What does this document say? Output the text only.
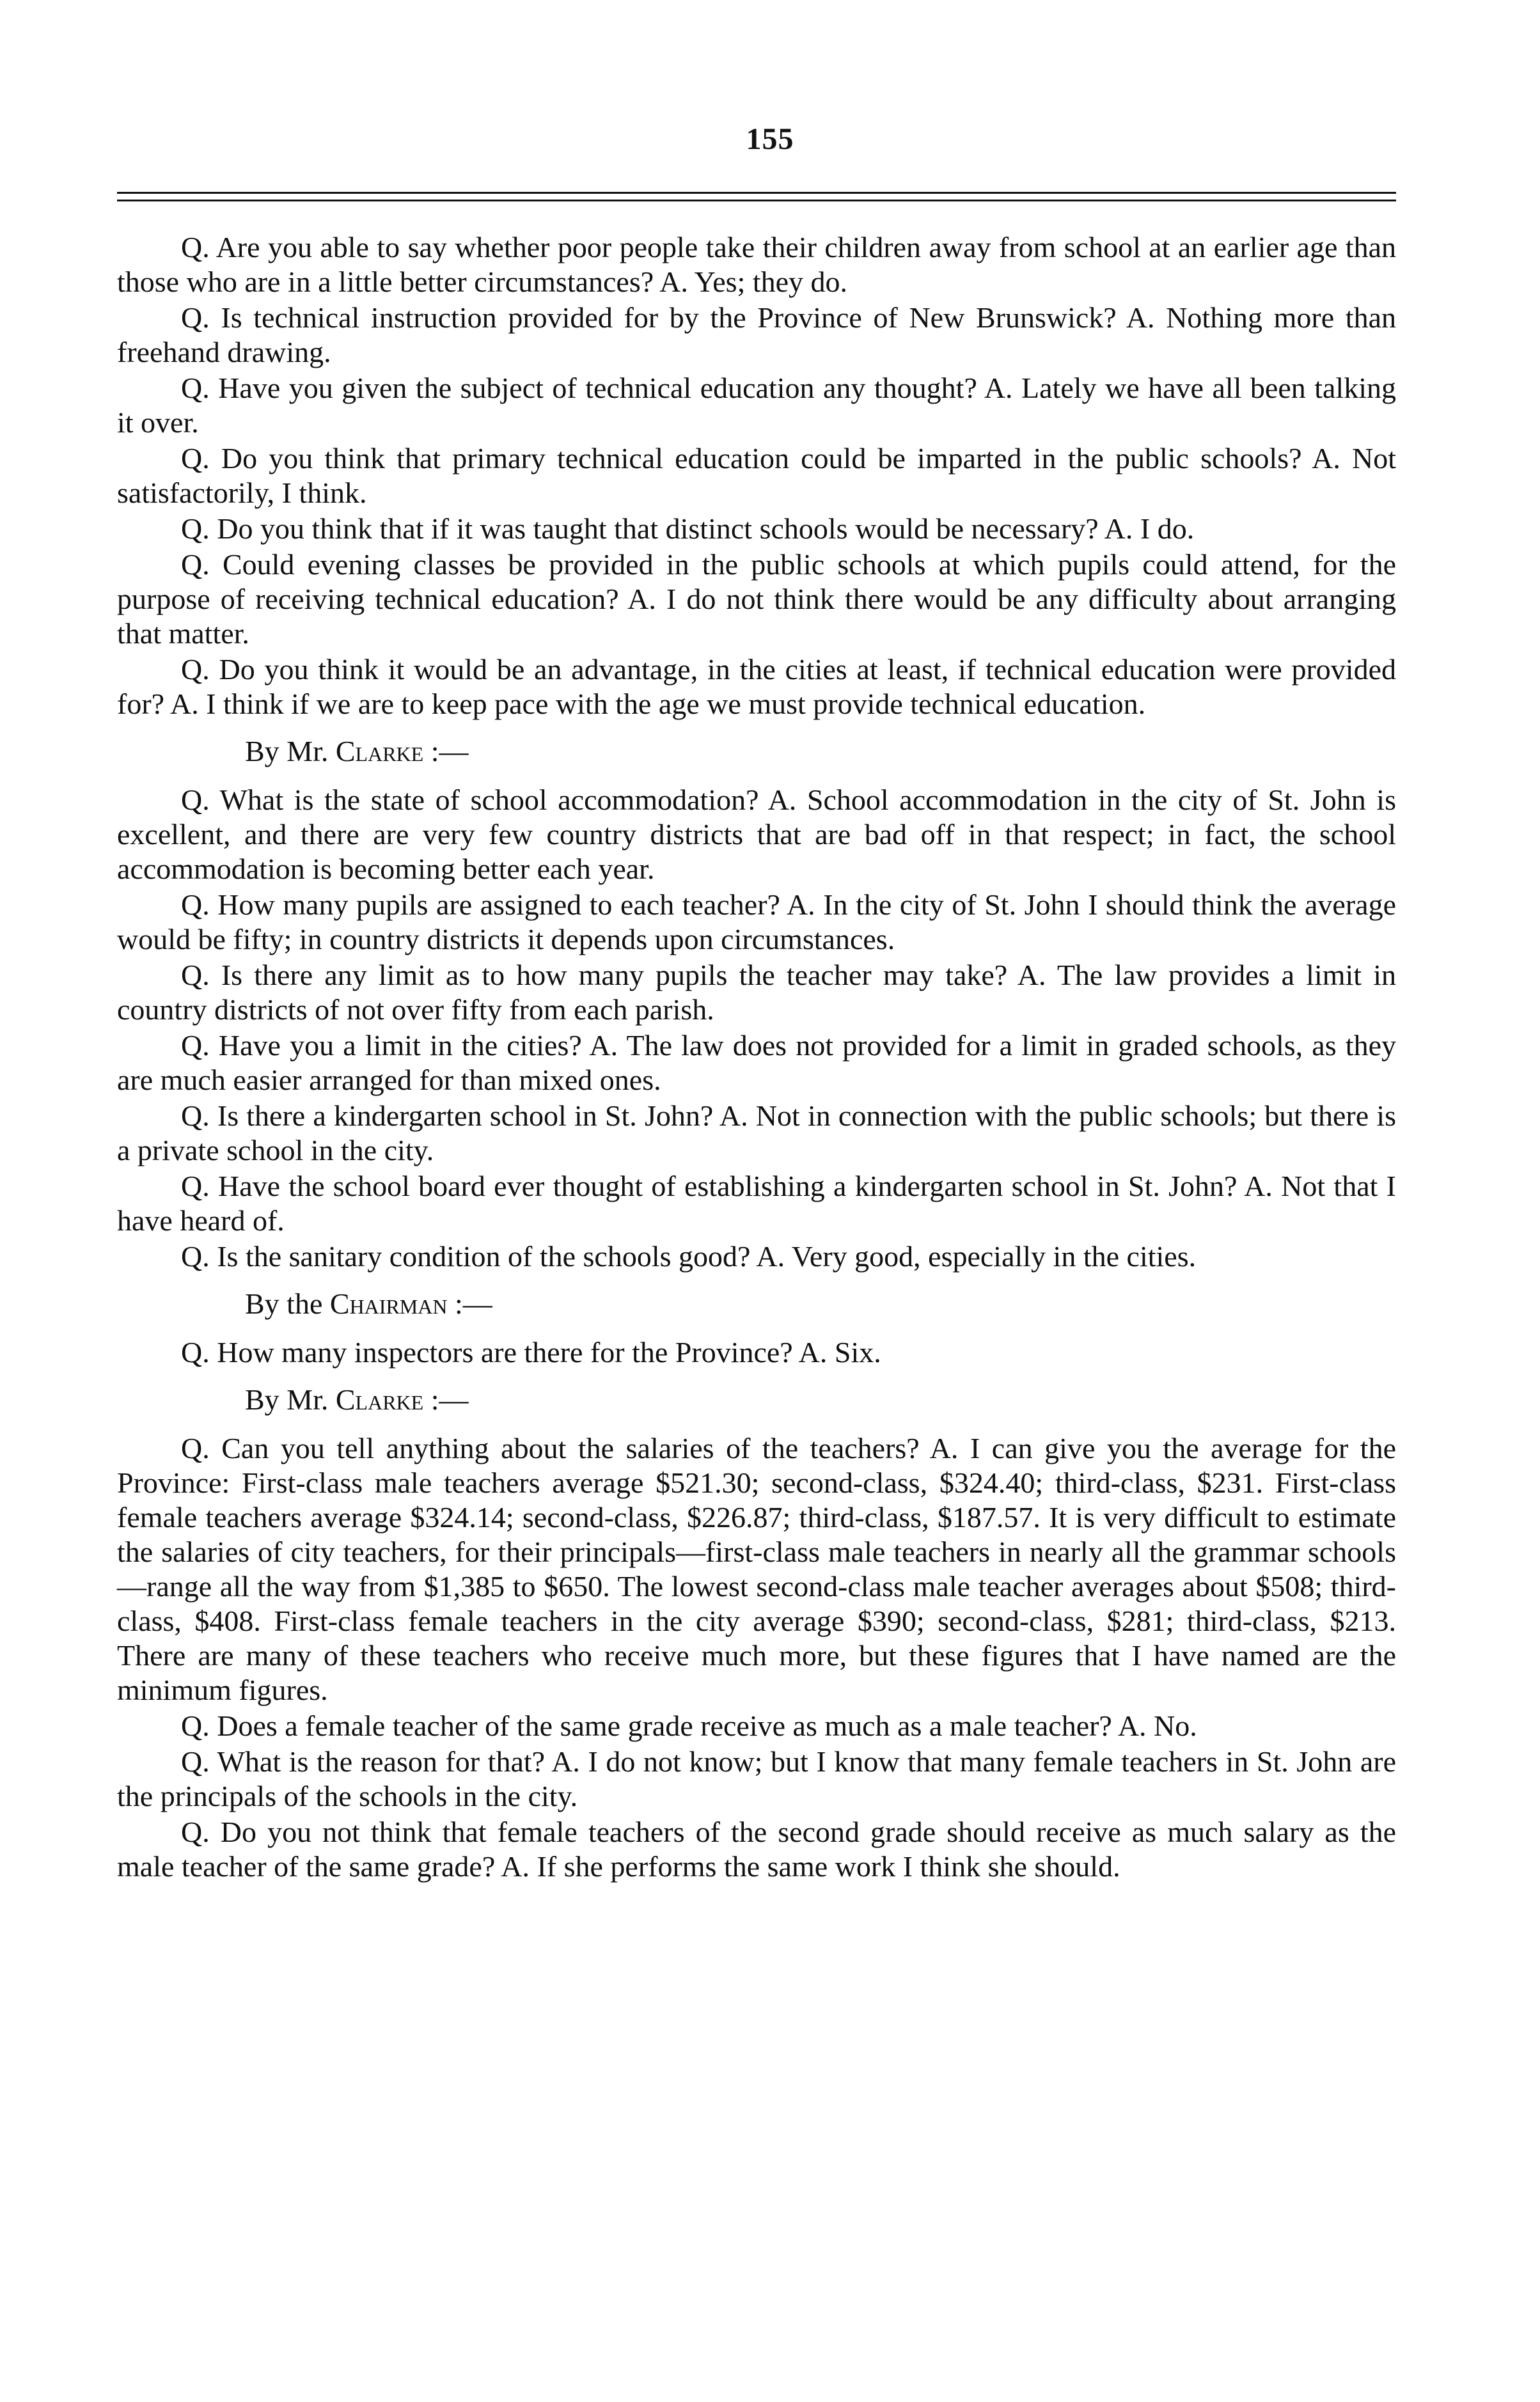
155

Q. Are you able to say whether poor people take their children away from school at an earlier age than those who are in a little better circumstances? A. Yes; they do.

Q. Is technical instruction provided for by the Province of New Brunswick? A. Nothing more than freehand drawing.

Q. Have you given the subject of technical education any thought? A. Lately we have all been talking it over.

Q. Do you think that primary technical education could be imparted in the public schools? A. Not satisfactorily, I think.

Q. Do you think that if it was taught that distinct schools would be necessary? A. I do.

Q. Could evening classes be provided in the public schools at which pupils could attend, for the purpose of receiving technical education? A. I do not think there would be any difficulty about arranging that matter.

Q. Do you think it would be an advantage, in the cities at least, if technical education were provided for? A. I think if we are to keep pace with the age we must provide technical education.

By Mr. Clarke :—

Q. What is the state of school accommodation? A. School accommodation in the city of St. John is excellent, and there are very few country districts that are bad off in that respect; in fact, the school accommodation is becoming better each year.

Q. How many pupils are assigned to each teacher? A. In the city of St. John I should think the average would be fifty; in country districts it depends upon circumstances.

Q. Is there any limit as to how many pupils the teacher may take? A. The law provides a limit in country districts of not over fifty from each parish.

Q. Have you a limit in the cities? A. The law does not provided for a limit in graded schools, as they are much easier arranged for than mixed ones.

Q. Is there a kindergarten school in St. John? A. Not in connection with the public schools; but there is a private school in the city.

Q. Have the school board ever thought of establishing a kindergarten school in St. John? A. Not that I have heard of.

Q. Is the sanitary condition of the schools good? A. Very good, especially in the cities.

By the Chairman :—

Q. How many inspectors are there for the Province? A. Six.

By Mr. Clarke :—

Q. Can you tell anything about the salaries of the teachers? A. I can give you the average for the Province: First-class male teachers average $521.30; second-class, $324.40; third-class, $231. First-class female teachers average $324.14; second-class, $226.87; third-class, $187.57. It is very difficult to estimate the salaries of city teachers, for their principals—first-class male teachers in nearly all the grammar schools—range all the way from $1,385 to $650. The lowest second-class male teacher averages about $508; third-class, $408. First-class female teachers in the city average $390; second-class, $281; third-class, $213. There are many of these teachers who receive much more, but these figures that I have named are the minimum figures.

Q. Does a female teacher of the same grade receive as much as a male teacher? A. No.

Q. What is the reason for that? A. I do not know; but I know that many female teachers in St. John are the principals of the schools in the city.

Q. Do you not think that female teachers of the second grade should receive as much salary as the male teacher of the same grade? A. If she performs the same work I think she should.
